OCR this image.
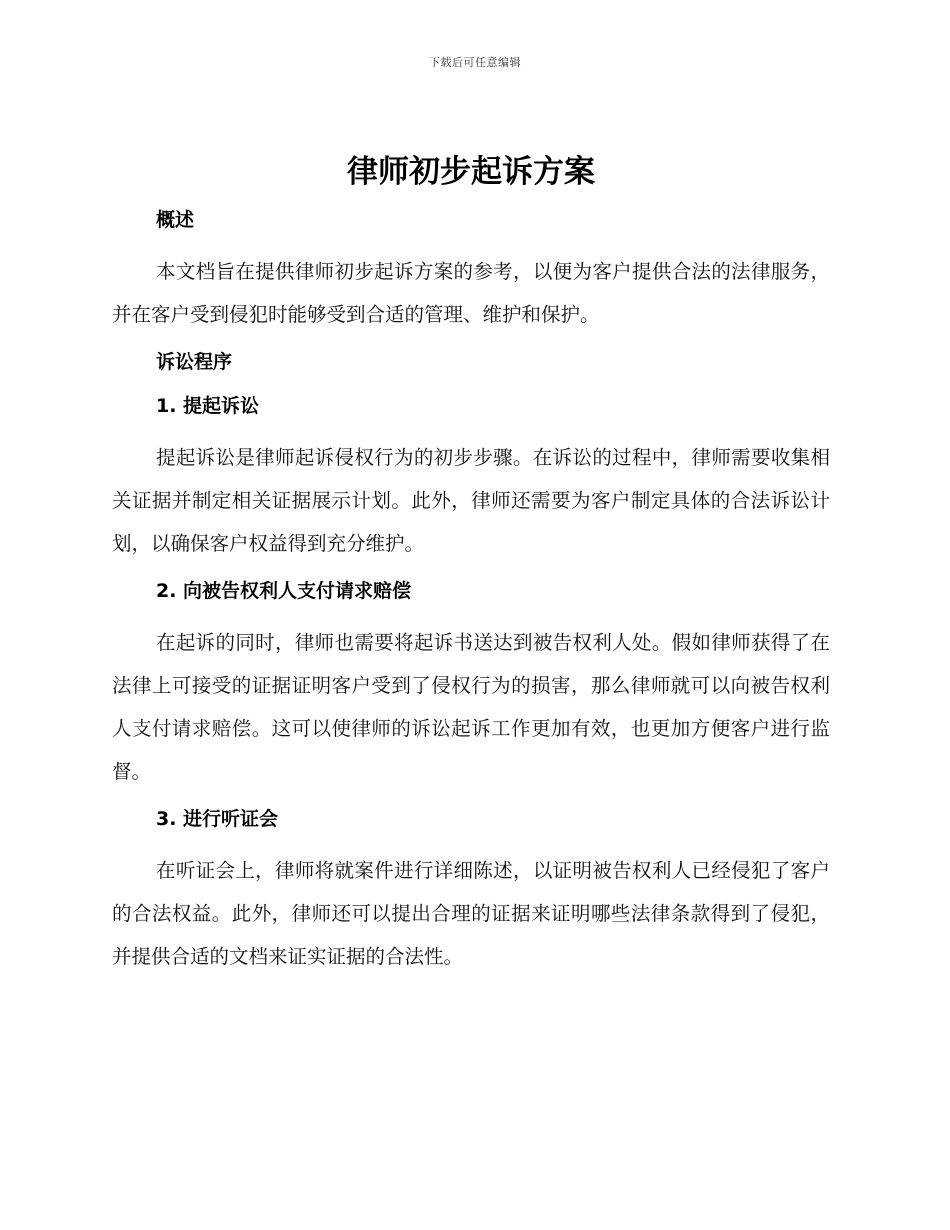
下载后可任意编辑
律师初步起诉方案
概述

本文档旨在提供律师初步起诉方案的参考，以便为客户提供合法的法律服务，并在客户受到侵犯时能够受到合适的管理、维护和保护。

诉讼程序
1. 提起诉讼

提起诉讼是律师起诉侵权行为的初步步骤。在诉讼的过程中，律师需要收集相关证据并制定相关证据展示计划。此外，律师还需要为客户制定具体的合法诉讼计划，以确保客户权益得到充分维护。

2. 向被告权利人支付请求赔偿

在起诉的同时，律师也需要将起诉书送达到被告权利人处。假如律师获得了在法律上可接受的证据证明客户受到了侵权行为的损害，那么律师就可以向被告权利人支付请求赔偿。这可以使律师的诉讼起诉工作更加有效，也更加方便客户进行监督。

3. 进行听证会

在听证会上，律师将就案件进行详细陈述，以证明被告权利人已经侵犯了客户的合法权益。此外，律师还可以提出合理的证据来证明哪些法律条款得到了侵犯，并提供合适的文档来证实证据的合法性。
